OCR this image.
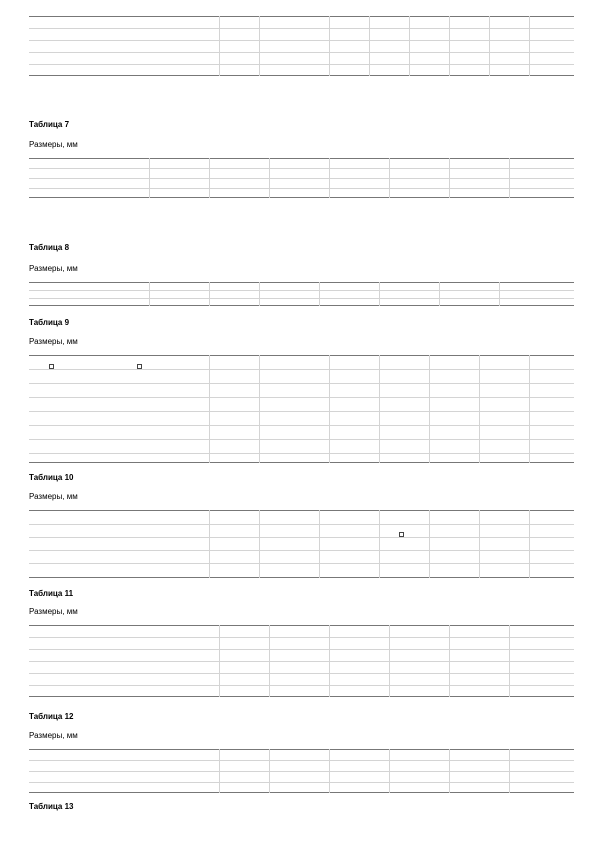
Таблица 7

Размеры, мм

Таблица 8

Размеры, мм

Таблица 9

Размеры, мм

Таблица 10

Размеры, мм

Таблица 11

Размеры, мм

Таблица 12

Размеры, мм

Таблица 13
